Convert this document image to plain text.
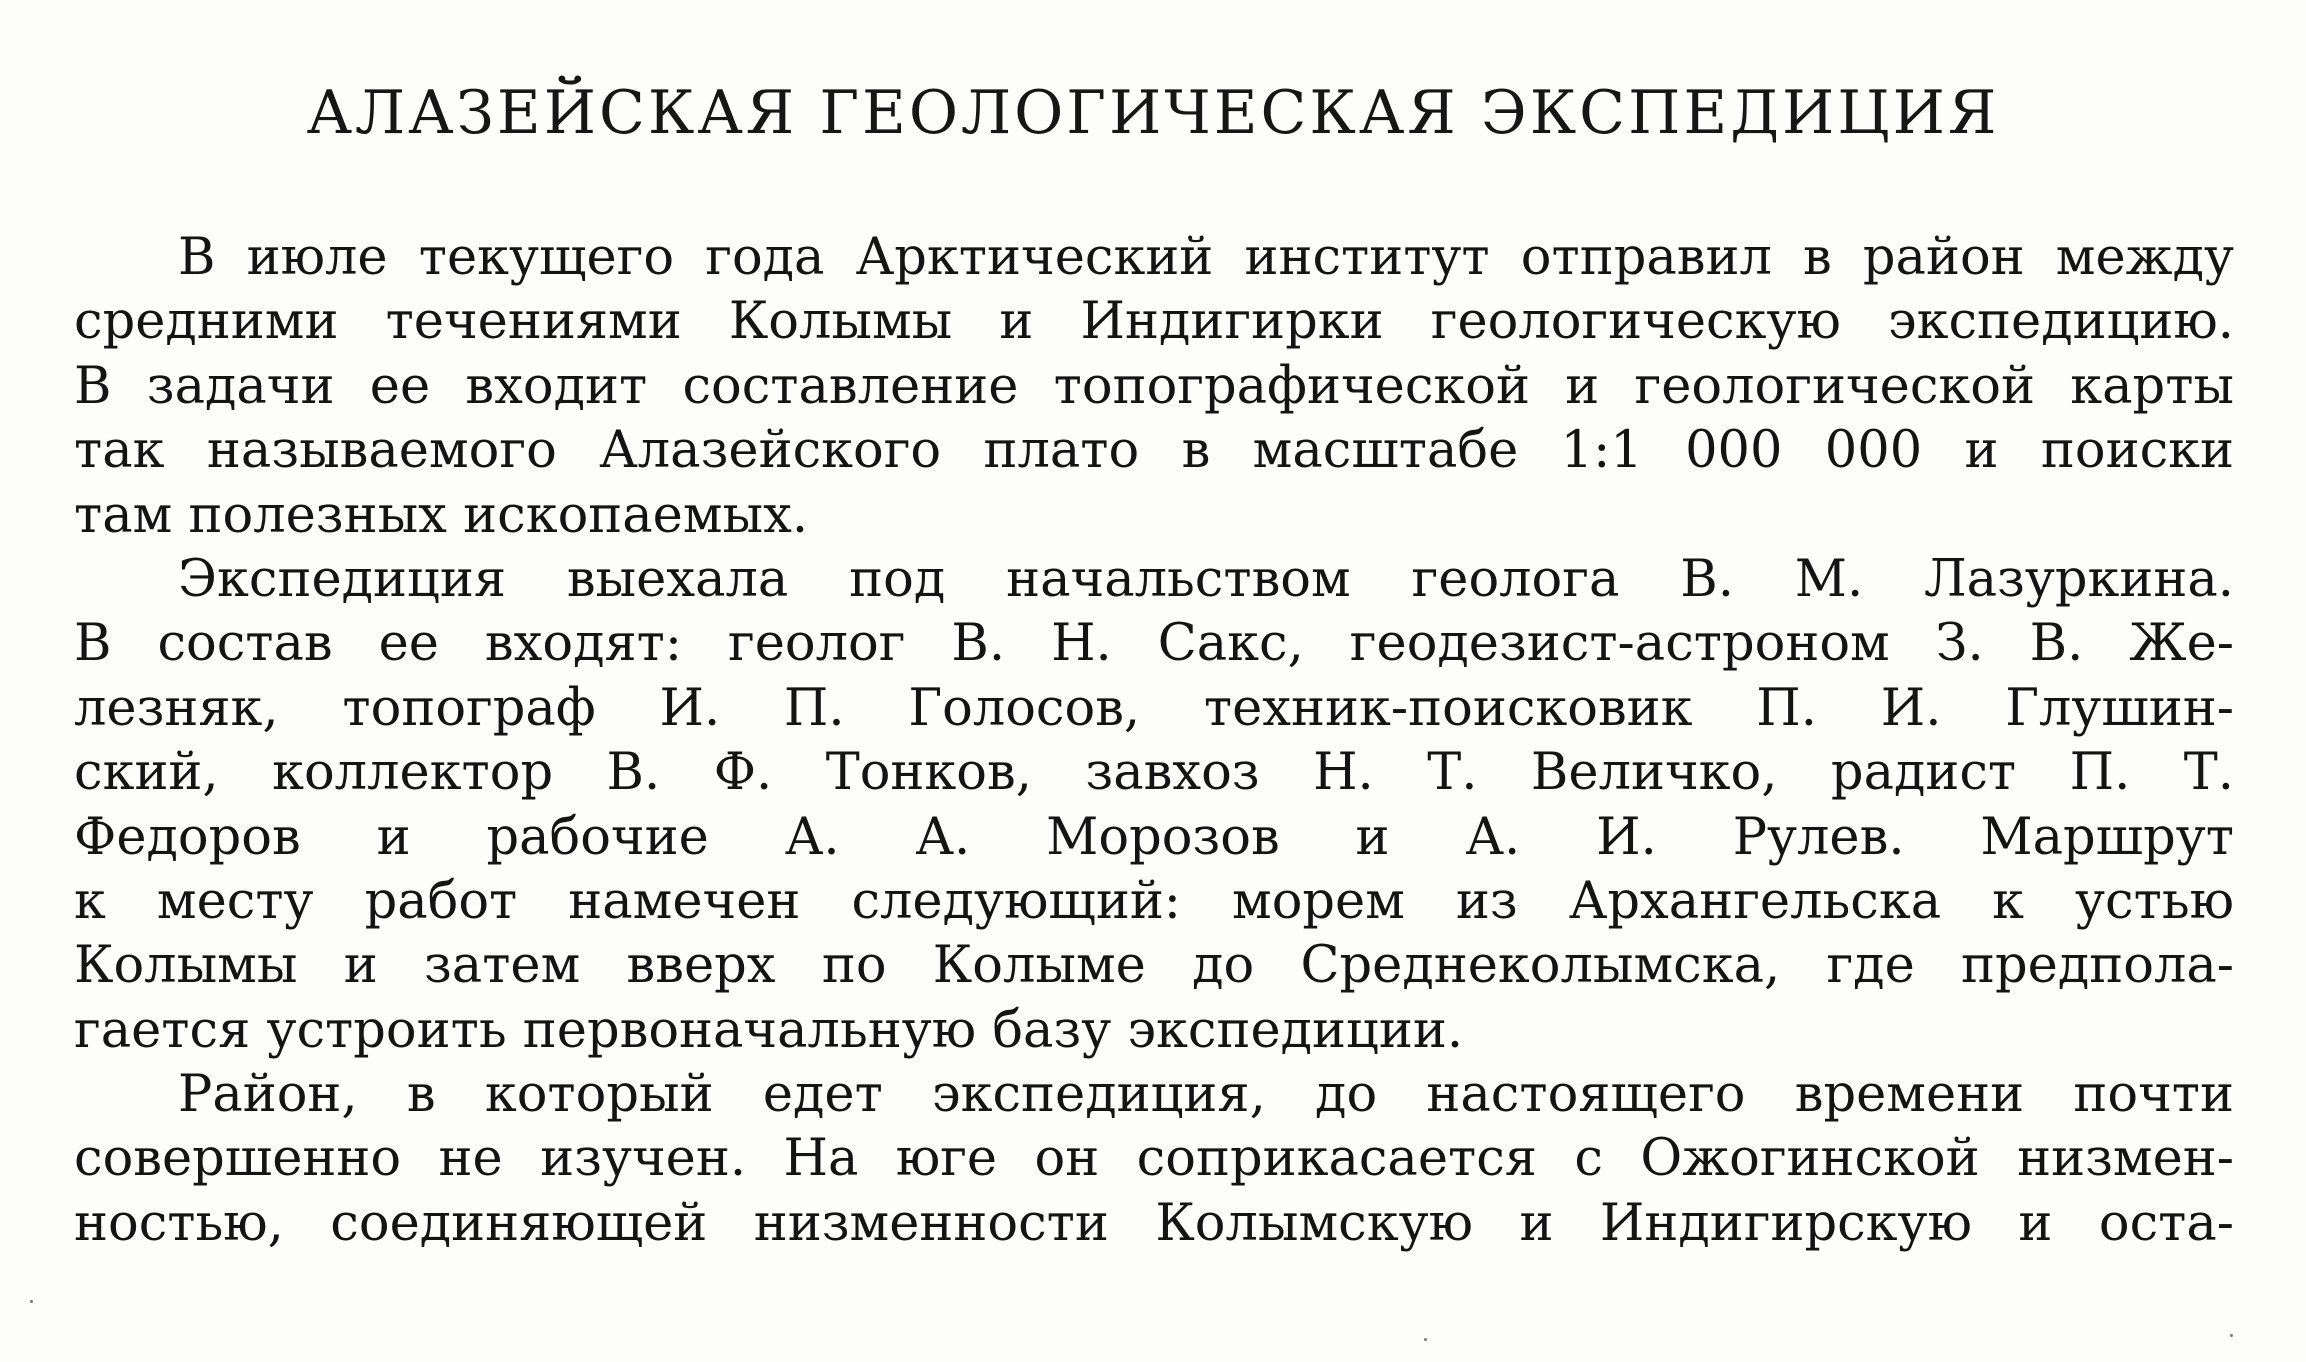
АЛАЗЕЙСКАЯ ГЕОЛОГИЧЕСКАЯ ЭКСПЕДИЦИЯ
В июле текущего года Арктический институт отправил в район между
средними течениями Колымы и Индигирки геологическую экспедицию.
В задачи ее входит составление топографической и геологической карты
так называемого Алазейского плато в масштабе 1:1 000 000 и поиски
там полезных ископаемых.
Экспедиция выехала под начальством геолога В. М. Лазуркина.
В состав ее входят: геолог В. Н. Сакс, геодезист-астроном З. В. Же-
лезняк, топограф И. П. Голосов, техник-поисковик П. И. Глушин-
ский, коллектор В. Ф. Тонков, завхоз Н. Т. Величко, радист П. Т.
Федоров и рабочие А. А. Морозов и А. И. Рулев. Маршрут
к месту работ намечен следующий: морем из Архангельска к устью
Колымы и затем вверх по Колыме до Среднеколымска, где предпола-
гается устроить первоначальную базу экспедиции.
Район, в который едет экспедиция, до настоящего времени почти
совершенно не изучен. На юге он соприкасается с Ожогинской низмен-
ностью, соединяющей низменности Колымскую и Индигирскую и оста-
